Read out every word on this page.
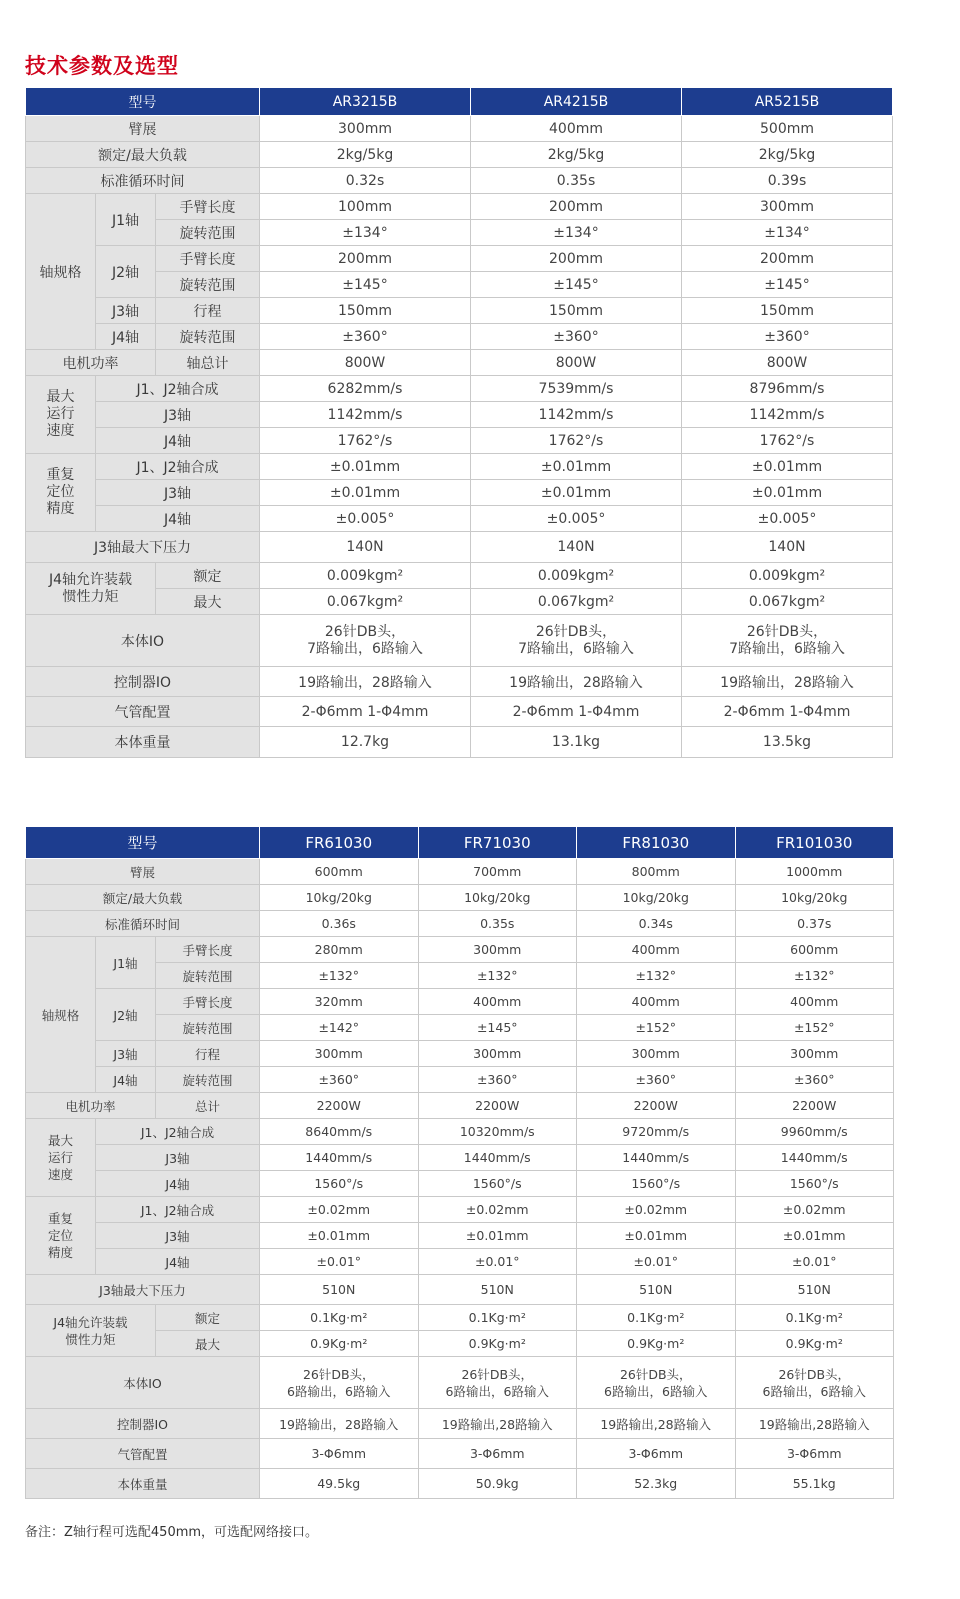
技术参数及选型
型号			AR3215B	AR4215B	AR5215B
臂展			300mm	400mm	500mm
额定/最大负载			2kg/5kg	2kg/5kg	2kg/5kg
标准循环时间			0.32s	0.35s	0.39s
轴规格	J1轴	手臂长度	100mm	200mm	300mm
		旋转范围	±134°	±134°	±134°
	J2轴	手臂长度	200mm	200mm	200mm
		旋转范围	±145°	±145°	±145°
	J3轴	行程	150mm	150mm	150mm
	J4轴	旋转范围	±360°	±360°	±360°
电机功率		轴总计	800W	800W	800W
最大
运行
速度	J1、J2轴合成		6282mm/s	7539mm/s	8796mm/s
	J3轴		1142mm/s	1142mm/s	1142mm/s
	J4轴		1762°/s	1762°/s	1762°/s
重复
定位
精度	J1、J2轴合成		±0.01mm	±0.01mm	±0.01mm
	J3轴		±0.01mm	±0.01mm	±0.01mm
	J4轴		±0.005°	±0.005°	±0.005°
J3轴最大下压力			140N	140N	140N
J4轴允许装载
惯性力矩		额定	0.009kgm²	0.009kgm²	0.009kgm²
		最大	0.067kgm²	0.067kgm²	0.067kgm²
本体IO			26针DB头，
7路输出，6路输入	26针DB头，
7路输出，6路输入	26针DB头，
7路输出，6路输入
控制器IO			19路输出，28路输入	19路输出，28路输入	19路输出，28路输入
气管配置			2-Φ6mm 1-Φ4mm	2-Φ6mm 1-Φ4mm	2-Φ6mm 1-Φ4mm
本体重量			12.7kg	13.1kg	13.5kg
型号			FR61030	FR71030	FR81030	FR101030
臂展			600mm	700mm	800mm	1000mm
额定/最大负载			10kg/20kg	10kg/20kg	10kg/20kg	10kg/20kg
标准循环时间			0.36s	0.35s	0.34s	0.37s
轴规格	J1轴	手臂长度	280mm	300mm	400mm	600mm
		旋转范围	±132°	±132°	±132°	±132°
	J2轴	手臂长度	320mm	400mm	400mm	400mm
		旋转范围	±142°	±145°	±152°	±152°
	J3轴	行程	300mm	300mm	300mm	300mm
	J4轴	旋转范围	±360°	±360°	±360°	±360°
电机功率		总计	2200W	2200W	2200W	2200W
最大
运行
速度	J1、J2轴合成		8640mm/s	10320mm/s	9720mm/s	9960mm/s
	J3轴		1440mm/s	1440mm/s	1440mm/s	1440mm/s
	J4轴		1560°/s	1560°/s	1560°/s	1560°/s
重复
定位
精度	J1、J2轴合成		±0.02mm	±0.02mm	±0.02mm	±0.02mm
	J3轴		±0.01mm	±0.01mm	±0.01mm	±0.01mm
	J4轴		±0.01°	±0.01°	±0.01°	±0.01°
J3轴最大下压力			510N	510N	510N	510N
J4轴允许装载
惯性力矩		额定	0.1Kg·m²	0.1Kg·m²	0.1Kg·m²	0.1Kg·m²
		最大	0.9Kg·m²	0.9Kg·m²	0.9Kg·m²	0.9Kg·m²
本体IO			26针DB头，
6路输出，6路输入	26针DB头，
6路输出，6路输入	26针DB头，
6路输出，6路输入	26针DB头，
6路输出，6路输入
控制器IO			19路输出，28路输入	19路输出,28路输入	19路输出,28路输入	19路输出,28路输入
气管配置			3-Φ6mm	3-Φ6mm	3-Φ6mm	3-Φ6mm
本体重量			49.5kg	50.9kg	52.3kg	55.1kg
备注：Z轴行程可选配450mm，可选配网络接口。
